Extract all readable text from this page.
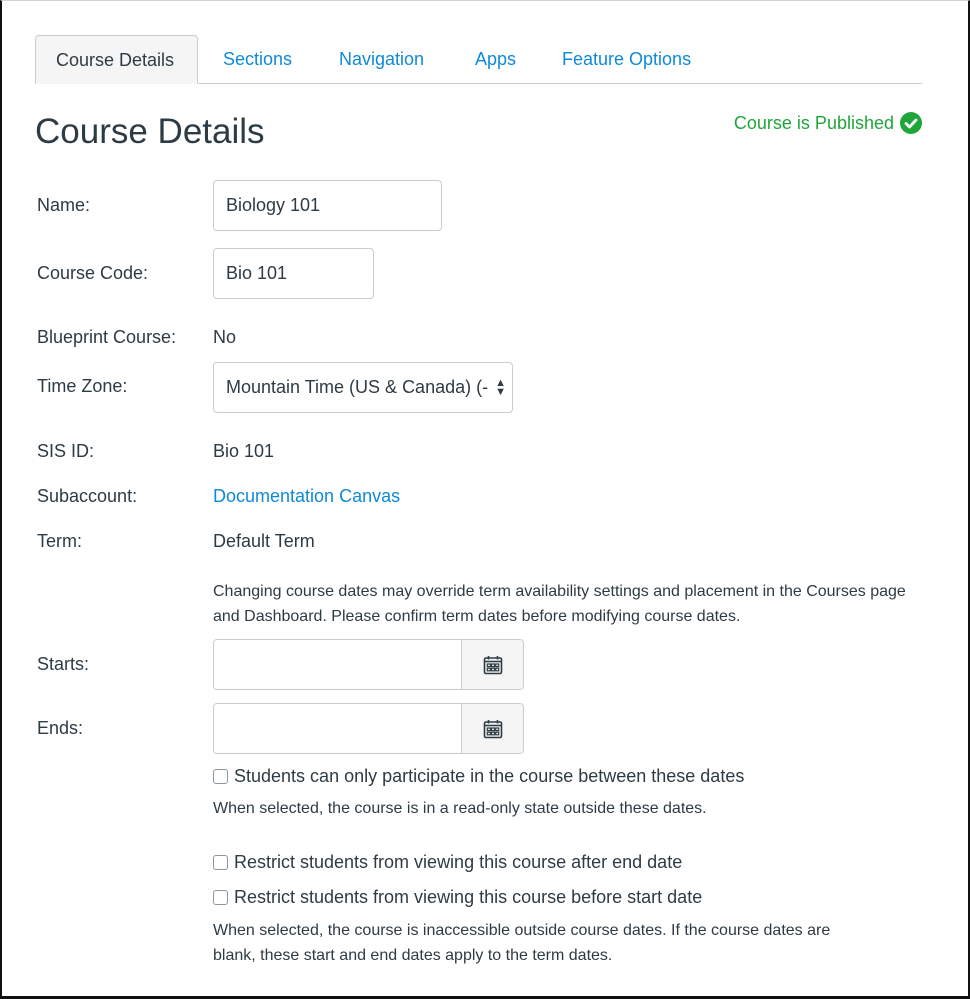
Course Details	Sections	Navigation	Apps	Feature Options
Course Details	Course is Published
Name:	Biology 101
Course Code:	Bio 101
Blueprint Course: No
Time Zone:	Mountain Time (US & Canada) (- ▲
▼
SIS ID:	Bio 101
Subaccount:	Documentation Canvas
Term:	Default Term
Changing course dates may override term availability settings and placement in the Courses page and Dashboard. Please confirm term dates before modifying course dates.
Starts:
Ends:
Students can only participate in the course between these dates
When selected, the course is in a read-only state outside these dates.
Restrict students from viewing this course after end date
Restrict students from viewing this course before start date
When selected, the course is inaccessible outside course dates. If the course dates are blank, these start and end dates apply to the term dates.
